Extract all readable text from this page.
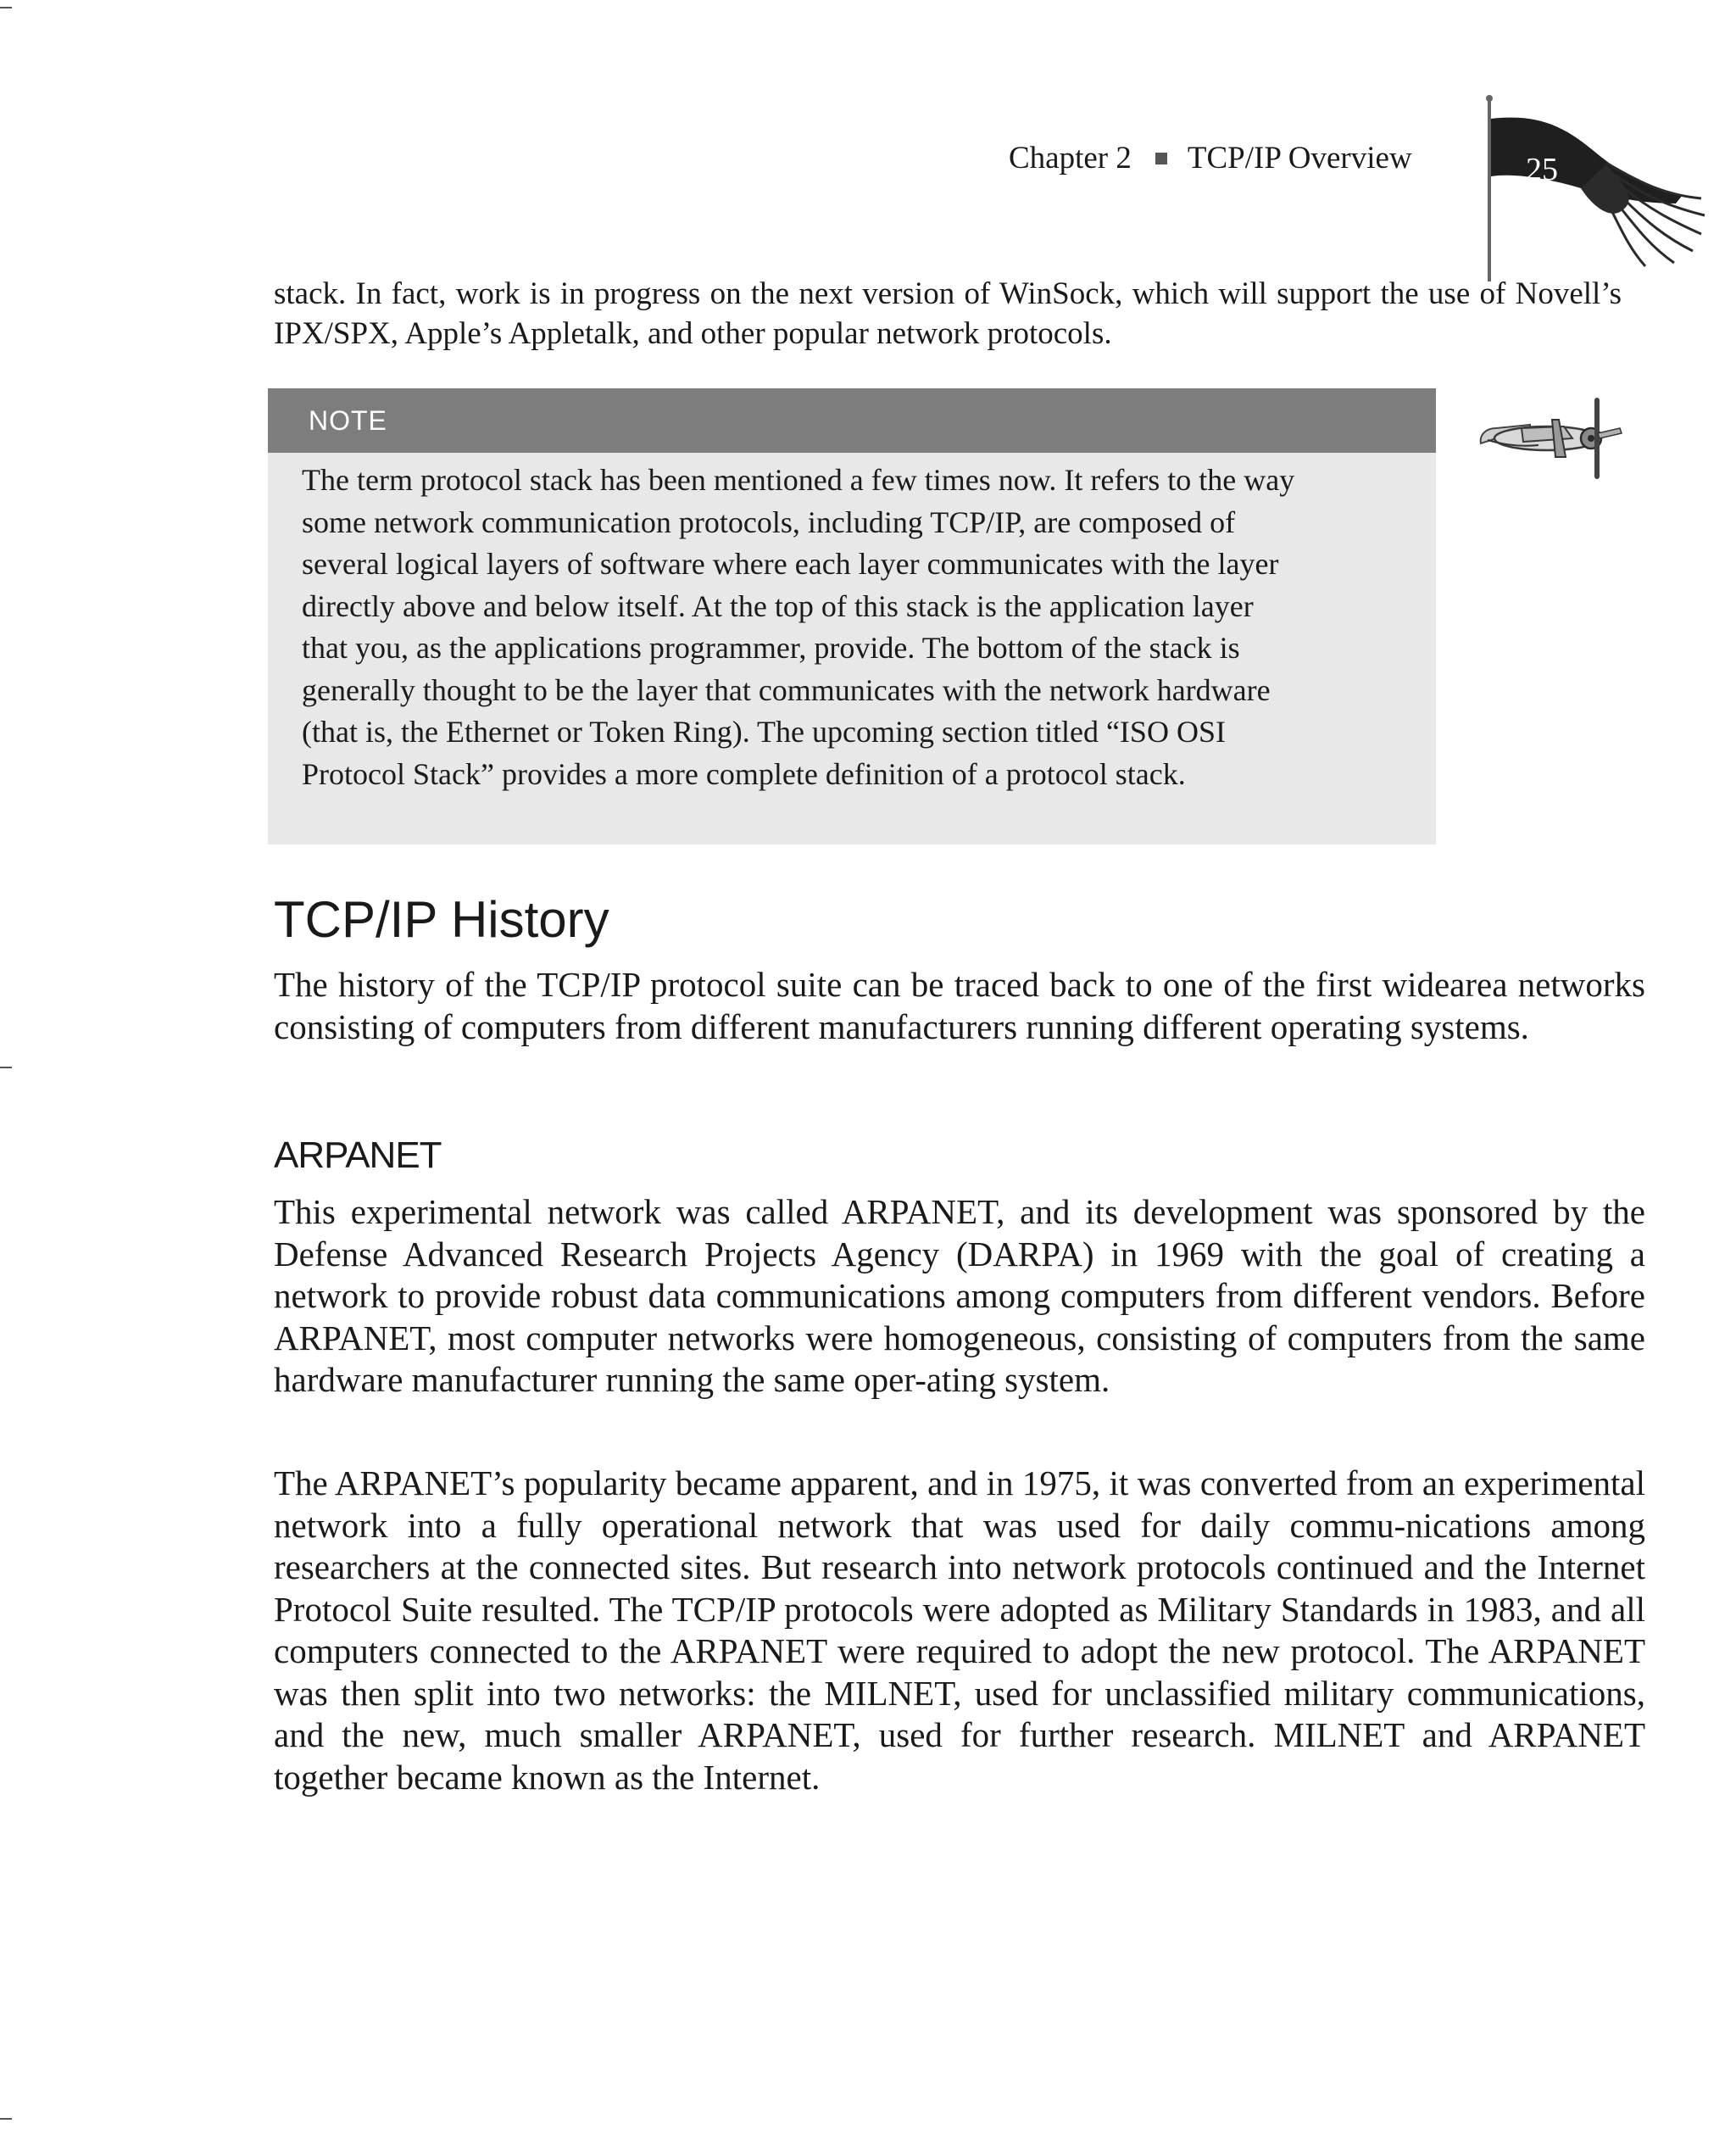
Chapter 2 TCP/IP Overview	25

stack. In fact, work is in progress on the next version of WinSock, which will support the use of Novell’s IPX/SPX, Apple’s Appletalk, and other popular network protocols.

NOTE

The term protocol stack has been mentioned a few times now. It refers to the way
some network communication protocols, including TCP/IP, are composed of
several logical layers of software where each layer communicates with the layer
directly above and below itself. At the top of this stack is the application layer
that you, as the applications programmer, provide. The bottom of the stack is
generally thought to be the layer that communicates with the network hardware
(that is, the Ethernet or Token Ring). The upcoming section titled “ISO OSI
Protocol Stack” provides a more complete definition of a protocol stack.

TCP/IP History

The history of the TCP/IP protocol suite can be traced back to one of the first widearea networks consisting of computers from different manufacturers running different operating systems.

ARPANET

This experimental network was called ARPANET, and its development was sponsored by the Defense Advanced Research Projects Agency (DARPA) in 1969 with the goal of creating a network to provide robust data communications among computers from different vendors. Before ARPANET, most computer networks were homogeneous, consisting of computers from the same hardware manufacturer running the same oper-ating system.

The ARPANET’s popularity became apparent, and in 1975, it was converted from an experimental network into a fully operational network that was used for daily commu-nications among researchers at the connected sites. But research into network protocols continued and the Internet Protocol Suite resulted. The TCP/IP protocols were adopted as Military Standards in 1983, and all computers connected to the ARPANET were required to adopt the new protocol. The ARPANET was then split into two networks: the MILNET, used for unclassified military communications, and the new, much smaller ARPANET, used for further research. MILNET and ARPANET together became known as the Internet.
